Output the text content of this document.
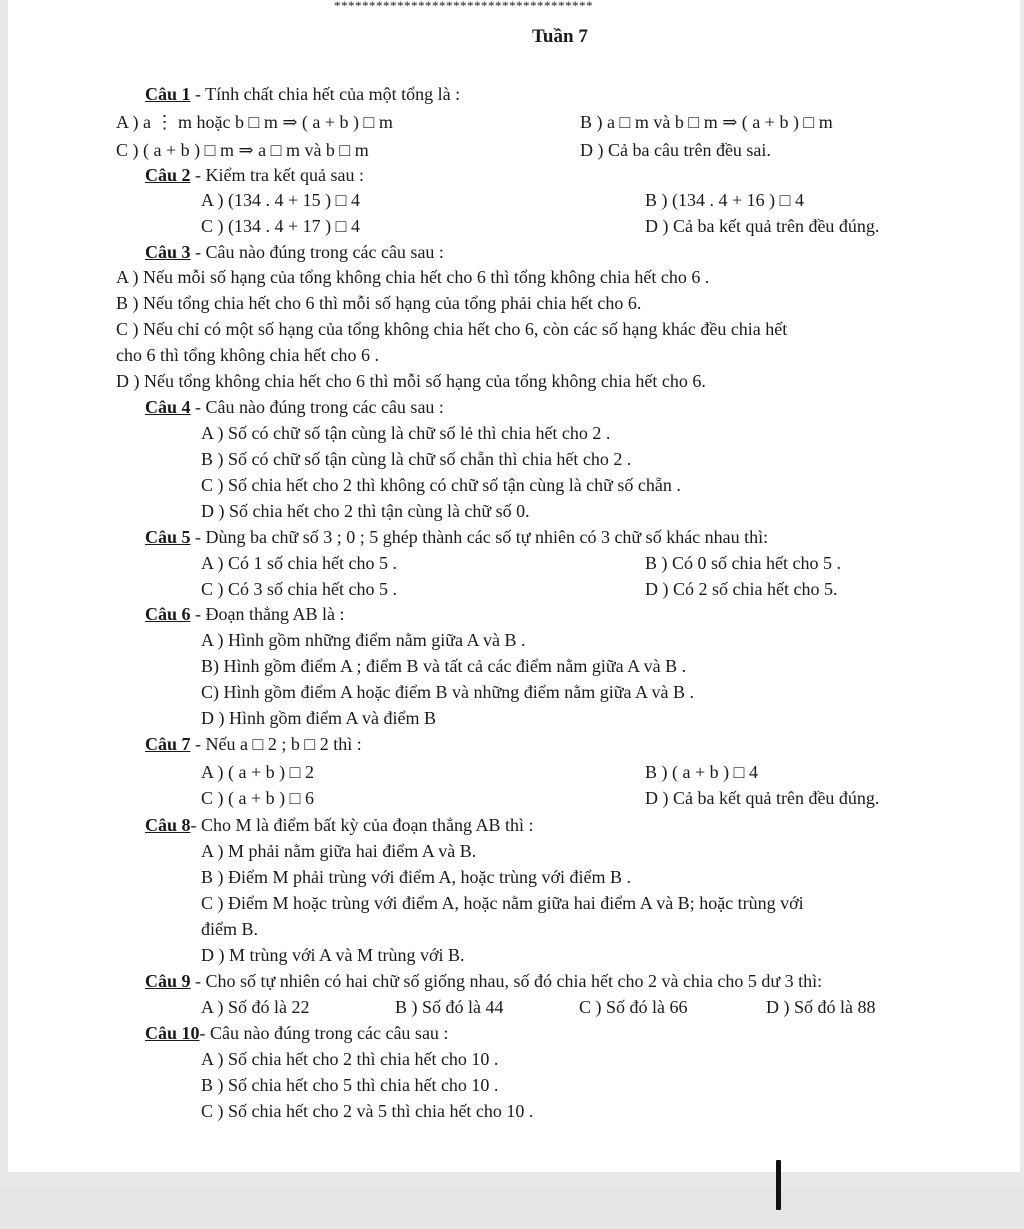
*************************************
Tuần 7
Câu 1 - Tính chất chia hết của một tổng là :
A ) a ⋮ m hoặc b □ m ⇒ ( a + b ) □ m	B ) a □ m và b □ m ⇒ ( a + b ) □ m
C ) ( a + b ) □ m ⇒ a □ m và b □ m	D ) Cả ba câu trên đều sai.
Câu 2 - Kiểm tra kết quả sau :
A ) (134 . 4 + 15 ) □ 4	B ) (134 . 4 + 16 ) □ 4
C ) (134 . 4 + 17 ) □ 4	D ) Cả ba kết quả trên đều đúng.
Câu 3 - Câu nào đúng trong các câu sau :
A ) Nếu mỗi số hạng của tổng không chia hết cho 6 thì tổng không chia hết cho 6 .
B ) Nếu tổng chia hết cho 6 thì mỗi số hạng của tổng phải chia hết cho 6.
C ) Nếu chỉ có một số hạng của tổng không chia hết cho 6, còn các số hạng khác đều chia hết
cho 6 thì tổng không chia hết cho 6 .
D ) Nếu tổng không chia hết cho 6 thì mỗi số hạng của tổng không chia hết cho 6.
Câu 4 - Câu nào đúng trong các câu sau :
A ) Số có chữ số tận cùng là chữ số lẻ thì chia hết cho 2 .
B ) Số có chữ số tận cùng là chữ số chẵn thì chia hết cho 2 .
C ) Số chia hết cho 2 thì không có chữ số tận cùng là chữ số chẵn .
D ) Số chia hết cho 2 thì tận cùng là chữ số 0.
Câu 5 - Dùng ba chữ số 3 ; 0 ; 5 ghép thành các số tự nhiên có 3 chữ số khác nhau thì:
A ) Có 1 số chia hết cho 5 .	B ) Có 0 số chia hết cho 5 .
C ) Có 3 số chia hết cho 5 .	D ) Có 2 số chia hết cho 5.
Câu 6 - Đoạn thẳng AB là :
A ) Hình gồm những điểm nằm giữa A và B .
B) Hình gồm điểm A ; điểm B và tất cả các điểm nằm giữa A và B .
C) Hình gồm điểm A hoặc điểm B và những điểm nằm giữa A và B .
D ) Hình gồm điểm A và điểm B
Câu 7 - Nếu a □ 2 ; b □ 2 thì :
A ) ( a + b ) □ 2	B ) ( a + b ) □ 4
C ) ( a + b ) □ 6	D ) Cả ba kết quả trên đều đúng.
Câu 8- Cho M là điểm bất kỳ của đoạn thẳng AB thì :
A ) M phải nằm giữa hai điểm A và B.
B ) Điểm M phải trùng với điểm A, hoặc trùng với điểm B .
C ) Điểm M hoặc trùng với điểm A, hoặc nằm giữa hai điểm A và B; hoặc trùng với
điểm B.
D ) M trùng với A và M trùng với B.
Câu 9 - Cho số tự nhiên có hai chữ số giống nhau, số đó chia hết cho 2 và chia cho 5 dư 3 thì:
A ) Số đó là 22	B ) Số đó là 44	C ) Số đó là 66	D ) Số đó là 88
Câu 10- Câu nào đúng trong các câu sau :
A ) Số chia hết cho 2 thì chia hết cho 10 .
B ) Số chia hết cho 5 thì chia hết cho 10 .
C ) Số chia hết cho 2 và 5 thì chia hết cho 10 .
